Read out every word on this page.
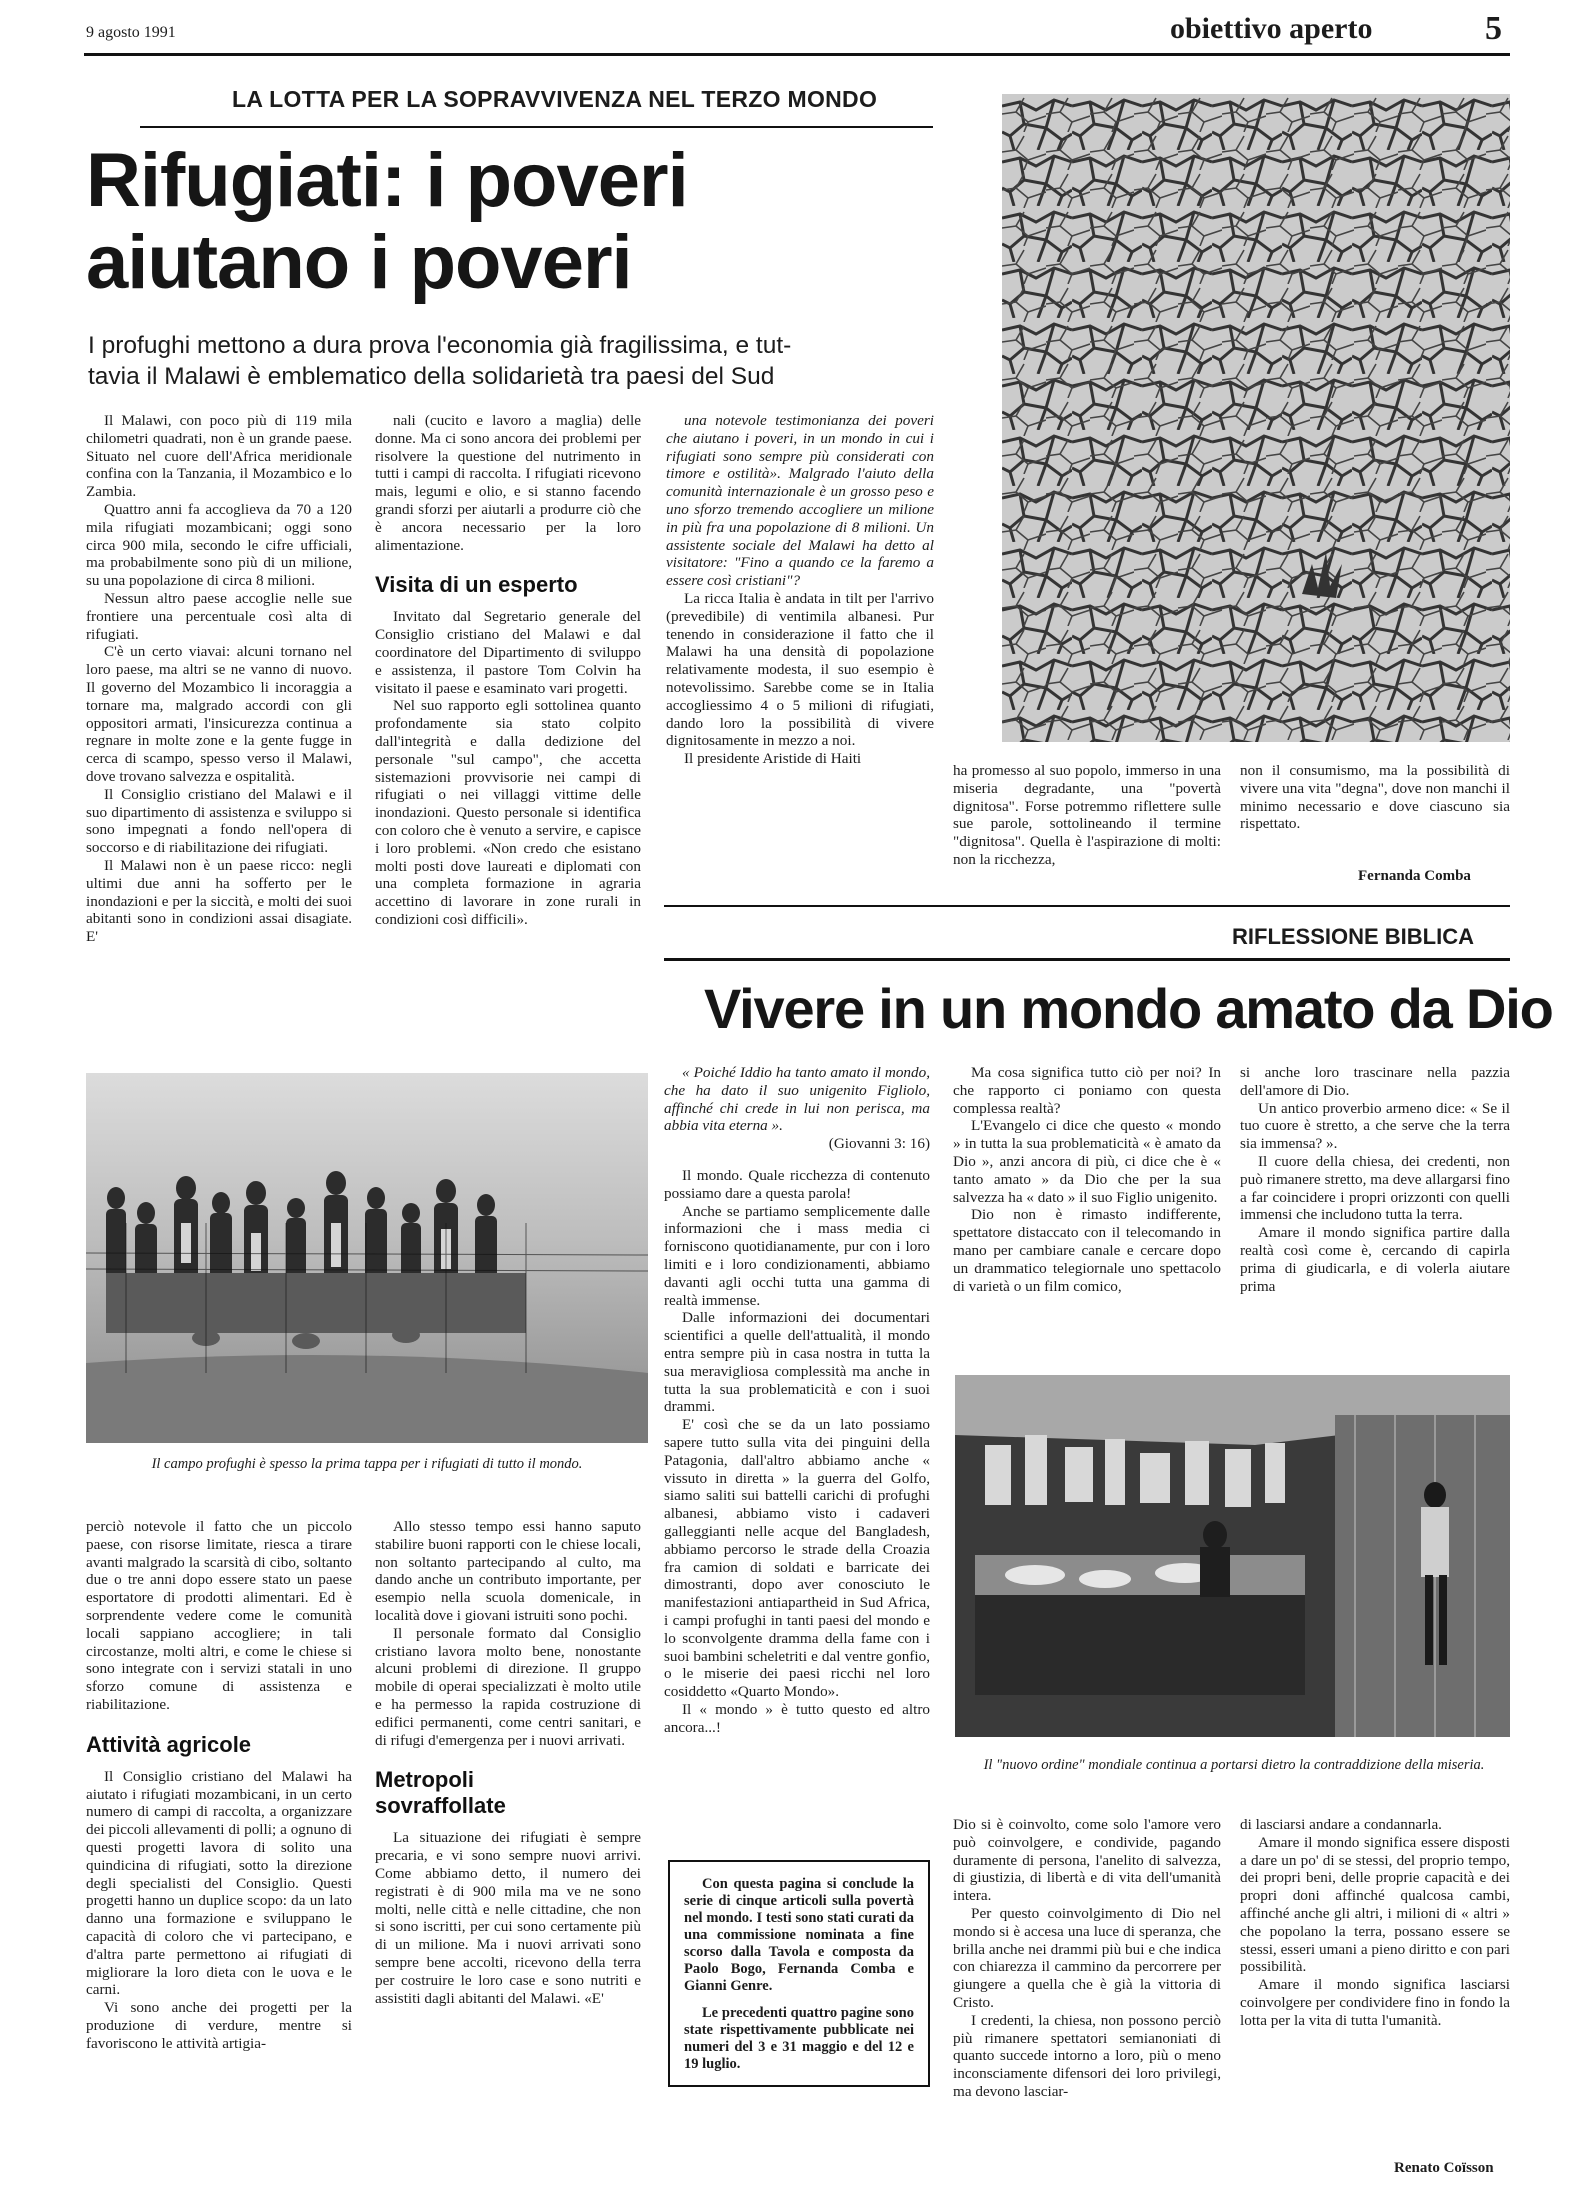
9 agosto 1991	obiettivo aperto	5
LA LOTTA PER LA SOPRAVVIVENZA NEL TERZO MONDO
Rifugiati: i poveri
aiutano i poveri
I profughi mettono a dura prova l'economia già fragilissima, e tut-
tavia il Malawi è emblematico della solidarietà tra paesi del Sud

Il Malawi, con poco più di 119 mila chilometri quadrati, non è un grande paese. Situato nel cuore dell'Africa meridionale confina con la Tanzania, il Mozambico e lo Zambia.

Quattro anni fa accoglieva da 70 a 120 mila rifugiati mozambicani; oggi sono circa 900 mila, secondo le cifre ufficiali, ma probabilmente sono più di un milione, su una popolazione di circa 8 milioni.

Nessun altro paese accoglie nelle sue frontiere una percentuale così alta di rifugiati.

C'è un certo viavai: alcuni tornano nel loro paese, ma altri se ne vanno di nuovo. Il governo del Mozambico li incoraggia a tornare ma, malgrado accordi con gli oppositori armati, l'insicurezza continua a regnare in molte zone e la gente fugge in cerca di scampo, spesso verso il Malawi, dove trovano salvezza e ospitalità.

Il Consiglio cristiano del Malawi e il suo dipartimento di assistenza e sviluppo si sono impegnati a fondo nell'opera di soccorso e di riabilitazione dei rifugiati.

Il Malawi non è un paese ricco: negli ultimi due anni ha sofferto per le inondazioni e per la siccità, e molti dei suoi abitanti sono in condizioni assai disagiate. E'

nali (cucito e lavoro a maglia) delle donne. Ma ci sono ancora dei problemi per risolvere la questione del nutrimento in tutti i campi di raccolta. I rifugiati ricevono mais, legumi e olio, e si stanno facendo grandi sforzi per aiutarli a produrre ciò che è ancora necessario per la loro alimentazione.

Visita di un esperto

Invitato dal Segretario generale del Consiglio cristiano del Malawi e dal coordinatore del Dipartimento di sviluppo e assistenza, il pastore Tom Colvin ha visitato il paese e esaminato vari progetti.

Nel suo rapporto egli sottolinea quanto profondamente sia stato colpito dall'integrità e dalla dedizione del personale "sul campo", che accetta sistemazioni provvisorie nei campi di rifugiati o nei villaggi vittime delle inondazioni. Questo personale si identifica con coloro che è venuto a servire, e capisce i loro problemi. «Non credo che esistano molti posti dove laureati e diplomati con una completa formazione in agraria accettino di lavorare in zone rurali in condizioni così difficili».

una notevole testimonianza dei poveri che aiutano i poveri, in un mondo in cui i rifugiati sono sempre più considerati con timore e ostilità». Malgrado l'aiuto della comunità internazionale è un grosso peso e uno sforzo tremendo accogliere un milione in più fra una popolazione di 8 milioni. Un assistente sociale del Malawi ha detto al visitatore: "Fino a quando ce la faremo a essere così cristiani"?

La ricca Italia è andata in tilt per l'arrivo (prevedibile) di ventimila albanesi. Pur tenendo in considerazione il fatto che il Malawi ha una densità di popolazione relativamente modesta, il suo esempio è notevolissimo. Sarebbe come se in Italia accogliessimo 4 o 5 milioni di rifugiati, dando loro la possibilità di vivere dignitosamente in mezzo a noi.

Il presidente Aristide di Haiti

ha promesso al suo popolo, immerso in una miseria degradante, una "povertà dignitosa". Forse potremmo riflettere sulle sue parole, sottolineando il termine "dignitosa". Quella è l'aspirazione di molti: non la ricchezza,

non il consumismo, ma la possibilità di vivere una vita "degna", dove non manchi il minimo necessario e dove ciascuno sia rispettato.

Fernanda Comba
RIFLESSIONE BIBLICA
Vivere in un mondo amato da Dio
Il campo profughi è spesso la prima tappa per i rifugiati di tutto il mondo.

« Poiché Iddio ha tanto amato il mondo, che ha dato il suo unigenito Figliolo, affinché chi crede in lui non perisca, ma abbia vita eterna ».

(Giovanni 3: 16)

Il mondo. Quale ricchezza di contenuto possiamo dare a questa parola!

Anche se partiamo semplicemente dalle informazioni che i mass media ci forniscono quotidianamente, pur con i loro limiti e i loro condizionamenti, abbiamo davanti agli occhi tutta una gamma di realtà immense.

Dalle informazioni dei documentari scientifici a quelle dell'attualità, il mondo entra sempre più in casa nostra in tutta la sua meravigliosa complessità ma anche in tutta la sua problematicità e con i suoi drammi.

E' così che se da un lato possiamo sapere tutto sulla vita dei pinguini della Patagonia, dall'altro abbiamo anche « vissuto in diretta » la guerra del Golfo, siamo saliti sui battelli carichi di profughi albanesi, abbiamo visto i cadaveri galleggianti nelle acque del Bangladesh, abbiamo percorso le strade della Croazia fra camion di soldati e barricate dei dimostranti, dopo aver conosciuto le manifestazioni antiapartheid in Sud Africa, i campi profughi in tanti paesi del mondo e lo sconvolgente dramma della fame con i suoi bambini scheletriti e dal ventre gonfio, o le miserie dei paesi ricchi nel loro cosiddetto «Quarto Mondo».

Il « mondo » è tutto questo ed altro ancora...!

Ma cosa significa tutto ciò per noi? In che rapporto ci poniamo con questa complessa realtà?

L'Evangelo ci dice che questo « mondo » in tutta la sua problematicità « è amato da Dio », anzi ancora di più, ci dice che è « tanto amato » da Dio che per la sua salvezza ha « dato » il suo Figlio unigenito.

Dio non è rimasto indifferente, spettatore distaccato con il telecomando in mano per cambiare canale e cercare dopo un drammatico telegiornale uno spettacolo di varietà o un film comico,

si anche loro trascinare nella pazzia dell'amore di Dio.

Un antico proverbio armeno dice: « Se il tuo cuore è stretto, a che serve che la terra sia immensa? ».

Il cuore della chiesa, dei credenti, non può rimanere stretto, ma deve allargarsi fino a far coincidere i propri orizzonti con quelli immensi che includono tutta la terra.

Amare il mondo significa partire dalla realtà così come è, cercando di capirla prima di giudicarla, e di volerla aiutare prima

Il "nuovo ordine" mondiale continua a portarsi dietro la contraddizione della miseria.

perciò notevole il fatto che un piccolo paese, con risorse limitate, riesca a tirare avanti malgrado la scarsità di cibo, soltanto due o tre anni dopo essere stato un paese esportatore di prodotti alimentari. Ed è sorprendente vedere come le comunità locali sappiano accogliere; in tali circostanze, molti altri, e come le chiese si sono integrate con i servizi statali in uno sforzo comune di assistenza e riabilitazione.

Attività agricole

Il Consiglio cristiano del Malawi ha aiutato i rifugiati mozambicani, in un certo numero di campi di raccolta, a organizzare dei piccoli allevamenti di polli; a ognuno di questi progetti lavora di solito una quindicina di rifugiati, sotto la direzione degli specialisti del Consiglio. Questi progetti hanno un duplice scopo: da un lato danno una formazione e sviluppano le capacità di coloro che vi partecipano, e d'altra parte permettono ai rifugiati di migliorare la loro dieta con le uova e le carni.

Vi sono anche dei progetti per la produzione di verdure, mentre si favoriscono le attività artigia-

Allo stesso tempo essi hanno saputo stabilire buoni rapporti con le chiese locali, non soltanto partecipando al culto, ma dando anche un contributo importante, per esempio nella scuola domenicale, in località dove i giovani istruiti sono pochi.

Il personale formato dal Consiglio cristiano lavora molto bene, nonostante alcuni problemi di direzione. Il gruppo mobile di operai specializzati è molto utile e ha permesso la rapida costruzione di edifici permanenti, come centri sanitari, e di rifugi d'emergenza per i nuovi arrivati.

Metropoli sovraffollate

La situazione dei rifugiati è sempre precaria, e vi sono sempre nuovi arrivi. Come abbiamo detto, il numero dei registrati è di 900 mila ma ve ne sono molti, nelle città e nelle cittadine, che non si sono iscritti, per cui sono certamente più di un milione. Ma i nuovi arrivati sono sempre bene accolti, ricevono della terra per costruire le loro case e sono nutriti e assistiti dagli abitanti del Malawi. «E'

Con questa pagina si conclude la serie di cinque articoli sulla povertà nel mondo. I testi sono stati curati da una commissione nominata a fine scorso dalla Tavola e composta da Paolo Bogo, Fernanda Comba e Gianni Genre.

Le precedenti quattro pagine sono state rispettivamente pubblicate nei numeri del 3 e 31 maggio e del 12 e 19 luglio.

Dio si è coinvolto, come solo l'amore vero può coinvolgere, e condivide, pagando duramente di persona, l'anelito di salvezza, di giustizia, di libertà e di vita dell'umanità intera.

Per questo coinvolgimento di Dio nel mondo si è accesa una luce di speranza, che brilla anche nei drammi più bui e che indica con chiarezza il cammino da percorrere per giungere a quella che è già la vittoria di Cristo.

I credenti, la chiesa, non possono perciò più rimanere spettatori semianoniati di quanto succede intorno a loro, più o meno inconsciamente difensori dei loro privilegi, ma devono lasciar-

di lasciarsi andare a condannarla.

Amare il mondo significa essere disposti a dare un po' di se stessi, del proprio tempo, dei propri beni, delle proprie capacità e dei propri doni affinché qualcosa cambi, affinché anche gli altri, i milioni di « altri » che popolano la terra, possano essere se stessi, esseri umani a pieno diritto e con pari possibilità.

Amare il mondo significa lasciarsi coinvolgere per condividere fino in fondo la lotta per la vita di tutta l'umanità.

Renato Coïsson
